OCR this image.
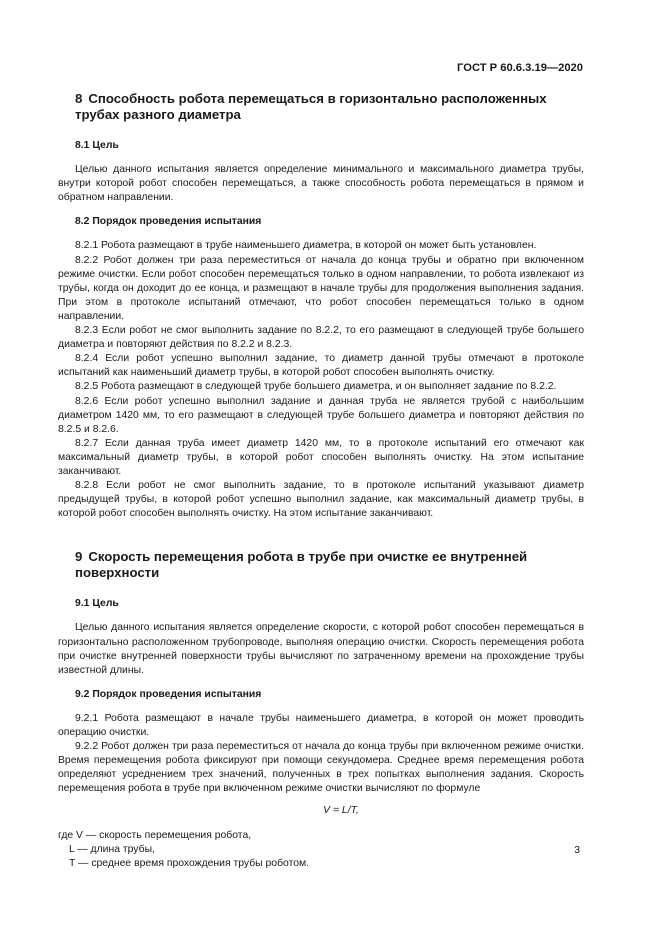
ГОСТ Р 60.6.3.19—2020
8 Способность робота перемещаться в горизонтально расположенных
трубах разного диаметра
8.1 Цель

Целью данного испытания является определение минимального и максимального диаметра трубы, внутри которой робот способен перемещаться, а также способность робота перемещаться в прямом и обратном направлении.

8.2 Порядок проведения испытания

8.2.1 Робота размещают в трубе наименьшего диаметра, в которой он может быть установлен.

8.2.2 Робот должен три раза переместиться от начала до конца трубы и обратно при включенном режиме очистки. Если робот способен перемещаться только в одном направлении, то робота извлекают из трубы, когда он доходит до ее конца, и размещают в начале трубы для продолжения выполнения задания. При этом в протоколе испытаний отмечают, что робот способен перемещаться только в одном направлении.

8.2.3 Если робот не смог выполнить задание по 8.2.2, то его размещают в следующей трубе большего диаметра и повторяют действия по 8.2.2 и 8.2.3.

8.2.4 Если робот успешно выполнил задание, то диаметр данной трубы отмечают в протоколе испытаний как наименьший диаметр трубы, в которой робот способен выполнять очистку.

8.2.5 Робота размещают в следующей трубе большего диаметра, и он выполняет задание по 8.2.2.

8.2.6 Если робот успешно выполнил задание и данная труба не является трубой с наибольшим диаметром 1420 мм, то его размещают в следующей трубе большего диаметра и повторяют действия по 8.2.5 и 8.2.6.

8.2.7 Если данная труба имеет диаметр 1420 мм, то в протоколе испытаний его отмечают как максимальный диаметр трубы, в которой робот способен выполнять очистку. На этом испытание заканчивают.

8.2.8 Если робот не смог выполнить задание, то в протоколе испытаний указывают диаметр предыдущей трубы, в которой робот успешно выполнил задание, как максимальный диаметр трубы, в которой робот способен выполнять очистку. На этом испытание заканчивают.

9 Скорость перемещения робота в трубе при очистке ее внутренней
поверхности
9.1 Цель

Целью данного испытания является определение скорости, с которой робот способен перемещаться в горизонтально расположенном трубопроводе, выполняя операцию очистки. Скорость перемещения робота при очистке внутренней поверхности трубы вычисляют по затраченному времени на прохождение трубы известной длины.

9.2 Порядок проведения испытания

9.2.1 Робота размещают в начале трубы наименьшего диаметра, в которой он может проводить операцию очистки.

9.2.2 Робот должен три раза переместиться от начала до конца трубы при включенном режиме очистки. Время перемещения робота фиксируют при помощи секундомера. Среднее время перемещения робота определяют усреднением трех значений, полученных в трех попытках выполнения задания. Скорость перемещения робота в трубе при включенном режиме очистки вычисляют по формуле

V = L/T,

где V — скорость перемещения робота,

L — длина трубы,

T — среднее время прохождения трубы роботом.

3
